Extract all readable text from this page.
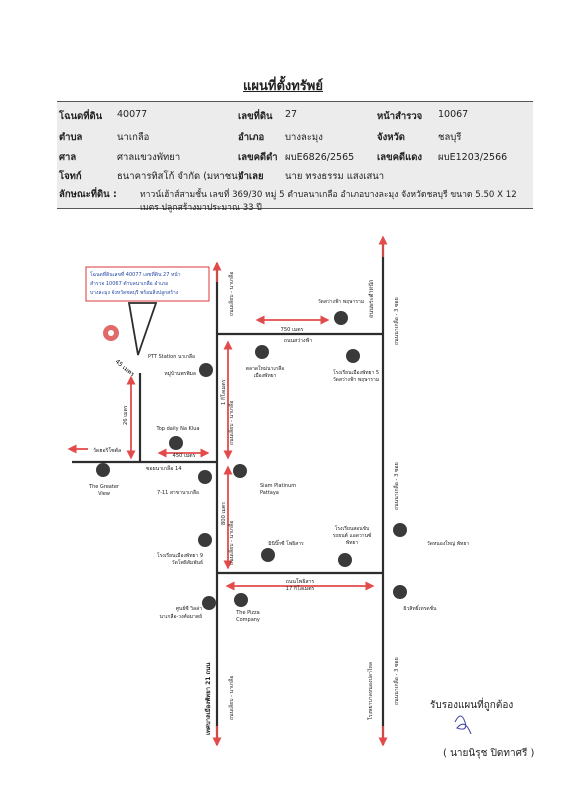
แผนที่ตั้งทรัพย์
โฉนดที่ดิน 40077	เลขที่ดิน 27	หน้าสำรวจ 10067
ตำบล	นาเกลือ	อำเภอ บางละมุง	จังหวัด	ชลบุรี
ศาล	ศาลแขวงพัทยา	เลขคดีดำ ผบE6826/2565 เลขคดีแดง ผบE1203/2566
โจทก์	ธนาคารทิสโก้ จำกัด (มหาชน)
จำเลย นาย ทรงธรรม แสงเสนา
ลักษณะที่ดิน :	ทาวน์เฮ้าส์สามชั้น เลขที่ 369/30 หมู่ 5 ตำบลนาเกลือ อำเภอบางละมุง จังหวัดชลบุรี ขนาด 5.50 X 12
เมตร ปลูกสร้างมาประมาณ 33 ปี
โฉนดที่ดินเลขที่ 40077 เลขที่ดิน 27 หน้า
สำรวจ 10067 ตำบลนาเกลือ อำเภอ
บางละมุง จังหวัดชลบุรี พร้อมสิ่งปลูกสร้าง
45 เมตร
ถนนเลียบ - นาเกลือ
ถนนเลียบ - นาเกลือ
ถนนเลียบ - นาเกลือ
ถนนเลียบ - นาเกลือ
เทศบาลเมืองพัทยา 21 ถนน
ถนนพระตำหนัก	ถนนนาเกลือ - 3 ซอย
ถนนนาเกลือ - 3 ซอย
ถนนนาเกลือ - 3 ซอย
โรงพยาบาลหนองปลาไหล
ถนนสว่างฟ้า
ถนนโพธิสาร
ซอยนาเกลือ 14
วัดฮอริโซตัล
750 เมตร
450 เมตร
17 กิโลเมตร
1 กิโลเมตร
800 เมตร
26 เมตร
PTT Station นาเกลือ
หมู่บ้านพรพิมล
ตลาดใหม่นาเกลือ
เมืองพัทยา
วัดสว่างฟ้า พฤษาราม
โรงเรียนเมืองพัทยา 5
วัดสว่างฟ้า พฤษาราม
Top daily Na Klua
The Greater
View	7-11 สาขานาเกลือ
Siam Platinum
Pattaya
โรงเรียนเมืองพัทยา 9
วัดโพธิสัมพันธ์
มินิบิ๊กซี โพธิสาร
โรงเรียนสอนขับ
รถยนต์ แอดวานซ์
พัทยา	วัดหนองใหญ่ พัทยา
ศูนย์ซี วิลล่า
นาเกลือ-วงศ์อมาตย์
The Pizza
Company
ผิวสิทธิ์เทรดชั่น
รับรองแผนที่ถูกต้อง
( นายนิรุช ปิดทาศรี )
